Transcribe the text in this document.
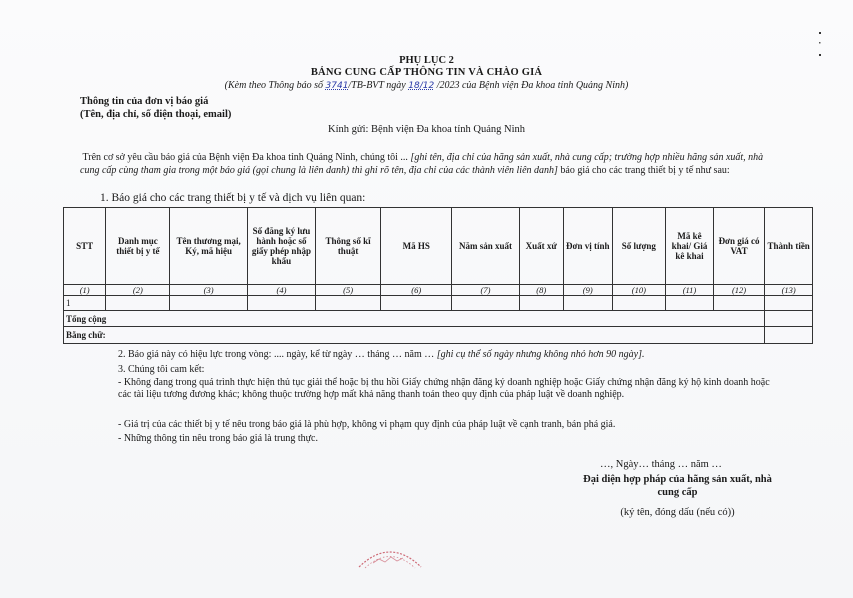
PHỤ LỤC 2
BẢNG CUNG CẤP THÔNG TIN VÀ CHÀO GIÁ
(Kèm theo Thông báo số 3741/TB-BVT ngày 18/12 /2023 của Bệnh viện Đa khoa tỉnh Quảng Ninh)
Thông tin của đơn vị báo giá
(Tên, địa chỉ, số điện thoại, email)
Kính gửi: Bệnh viện Đa khoa tỉnh Quảng Ninh
Trên cơ sở yêu cầu báo giá của Bệnh viện Đa khoa tỉnh Quảng Ninh, chúng tôi ... [ghi tên, địa chỉ của hãng sản xuất, nhà cung cấp; trường hợp nhiều hãng sản xuất, nhà cung cấp cùng tham gia trong một báo giá (gọi chung là liên danh) thì ghi rõ tên, địa chỉ của các thành viên liên danh] báo giá cho các trang thiết bị y tế như sau:
1. Báo giá cho các trang thiết bị y tế và dịch vụ liên quan:
STT	Danh mục thiết bị y tế	Tên thương mại, Ký, mã hiệu	Số đăng ký lưu hành hoặc số giấy phép nhập khẩu	Thông số kĩ thuật	Mã HS	Năm sản xuất	Xuất xứ	Đơn vị tính	Số lượng	Mã kê khai/ Giá kê khai	Đơn giá có VAT	Thành tiền
(1)	(2)	(3)	(4)	(5)	(6)	(7)	(8)	(9)	(10)	(11)	(12)	(13)
1												
Tổng cộng												
Bằng chữ:												
2. Báo giá này có hiệu lực trong vòng: .... ngày, kể từ ngày … tháng … năm … [ghi cụ thể số ngày nhưng không nhỏ hơn 90 ngày].
3. Chúng tôi cam kết:
- Không đang trong quá trình thực hiện thủ tục giải thể hoặc bị thu hồi Giấy chứng nhận đăng ký doanh nghiệp hoặc Giấy chứng nhận đăng ký hộ kinh doanh hoặc các tài liệu tương đương khác; không thuộc trường hợp mất khả năng thanh toán theo quy định của pháp luật về doanh nghiệp.
- Giá trị của các thiết bị y tế nêu trong báo giá là phù hợp, không vi phạm quy định của pháp luật về cạnh tranh, bán phá giá.
- Những thông tin nêu trong báo giá là trung thực.
…, Ngày… tháng … năm …
Đại diện hợp pháp của hãng sản xuất, nhà
cung cấp
(ký tên, đóng dấu (nếu có))
